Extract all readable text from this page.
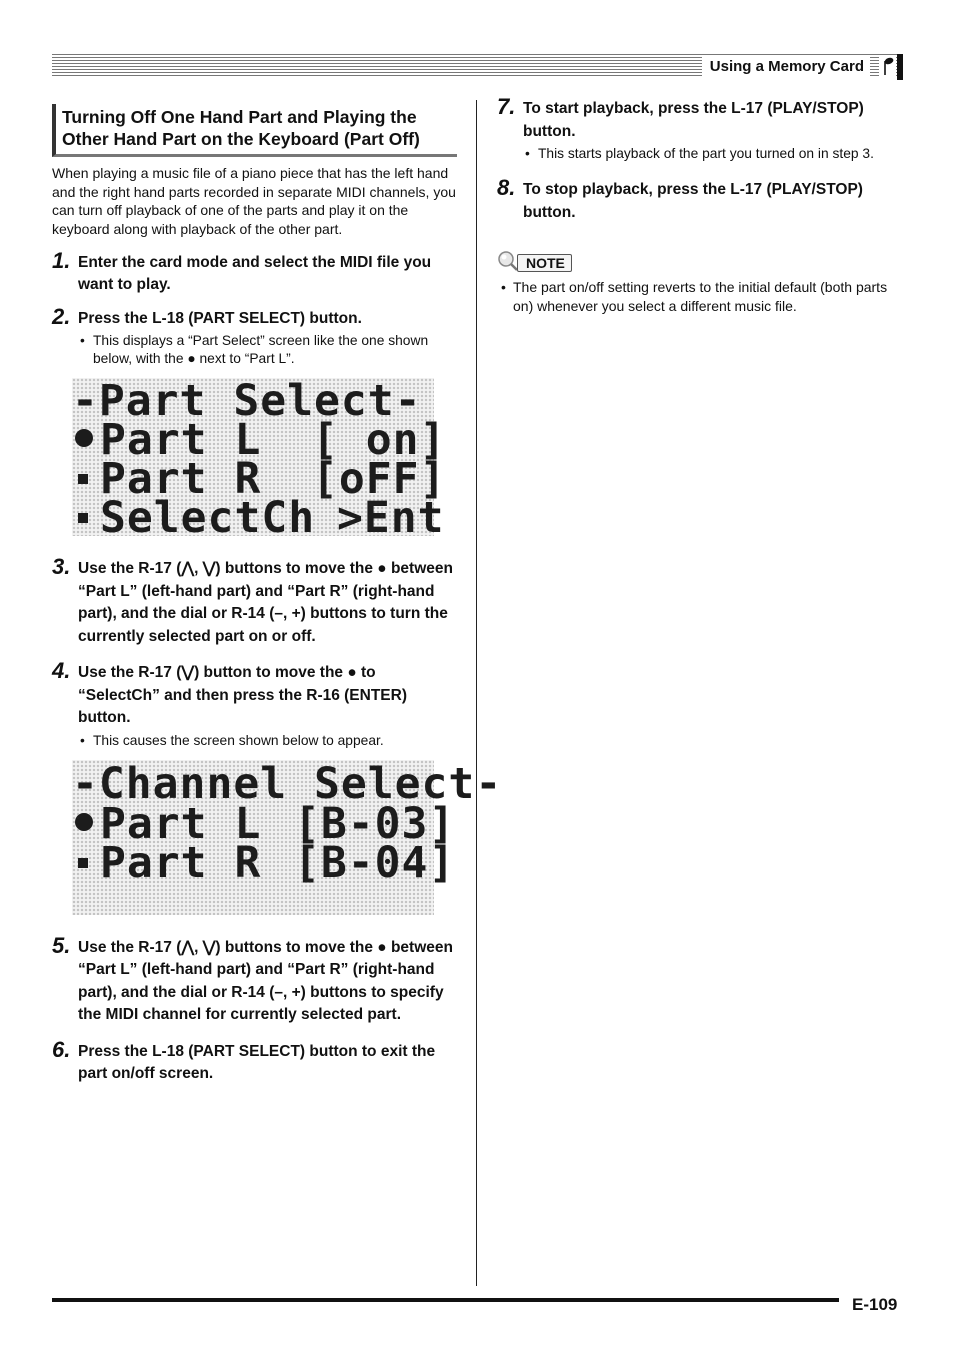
Using a Memory Card
Turning Off One Hand Part and Playing the Other Hand Part on the Keyboard (Part Off)

When playing a music file of a piano piece that has the left hand and the right hand parts recorded in separate MIDI channels, you can turn off playback of one of the parts and play it on the keyboard along with playback of the other part.

1. Enter the card mode and select the MIDI file you want to play.
2. Press the L-18 (PART SELECT) button.
• This displays a “Part Select” screen like the one shown below, with the ● next to “Part L”.
-Part Select-
Part L [ on]
Part R [oFF]
SelectCh >Ent
3. Use the R-17 (⋀, ⋁) buttons to move the ● between “Part L” (left-hand part) and “Part R” (right-hand part), and the dial or R-14 (–, +) buttons to turn the currently selected part on or off.
4. Use the R-17 (⋁) button to move the ● to “SelectCh” and then press the R-16 (ENTER) button.
• This causes the screen shown below to appear.
-Channel Select-
Part L [B-03]
Part R [B-04]
5. Use the R-17 (⋀, ⋁) buttons to move the ● between “Part L” (left-hand part) and “Part R” (right-hand part), and the dial or R-14 (–, +) buttons to specify the MIDI channel for currently selected part.
6. Press the L-18 (PART SELECT) button to exit the part on/off screen.
7. To start playback, press the L-17 (PLAY/STOP) button.
• This starts playback of the part you turned on in step 3.
8. To stop playback, press the L-17 (PLAY/STOP) button.
NOTE
• The part on/off setting reverts to the initial default (both parts on) whenever you select a different music file.
E-109
